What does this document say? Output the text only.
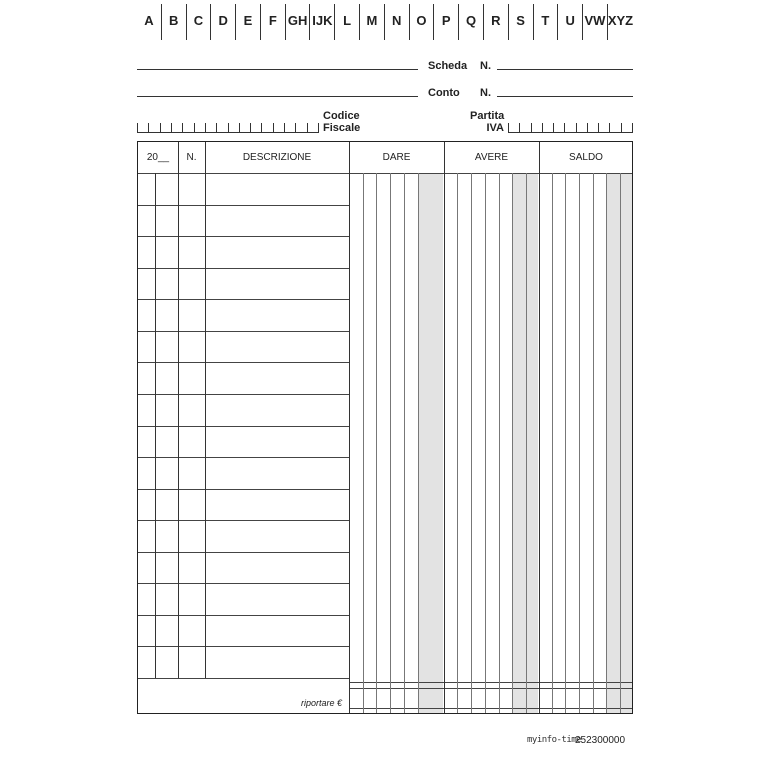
A	B	C	D	E	F GH IJK L	M	N	O	P	Q	R	S	T	U VW XYZ
Scheda N.
Conto N.
Codice
Fiscale
Partita
IVA
20__	N.	DESCRIZIONE	DARE	AVERE	SALDO
riportare €
myinfo-time
252300000
